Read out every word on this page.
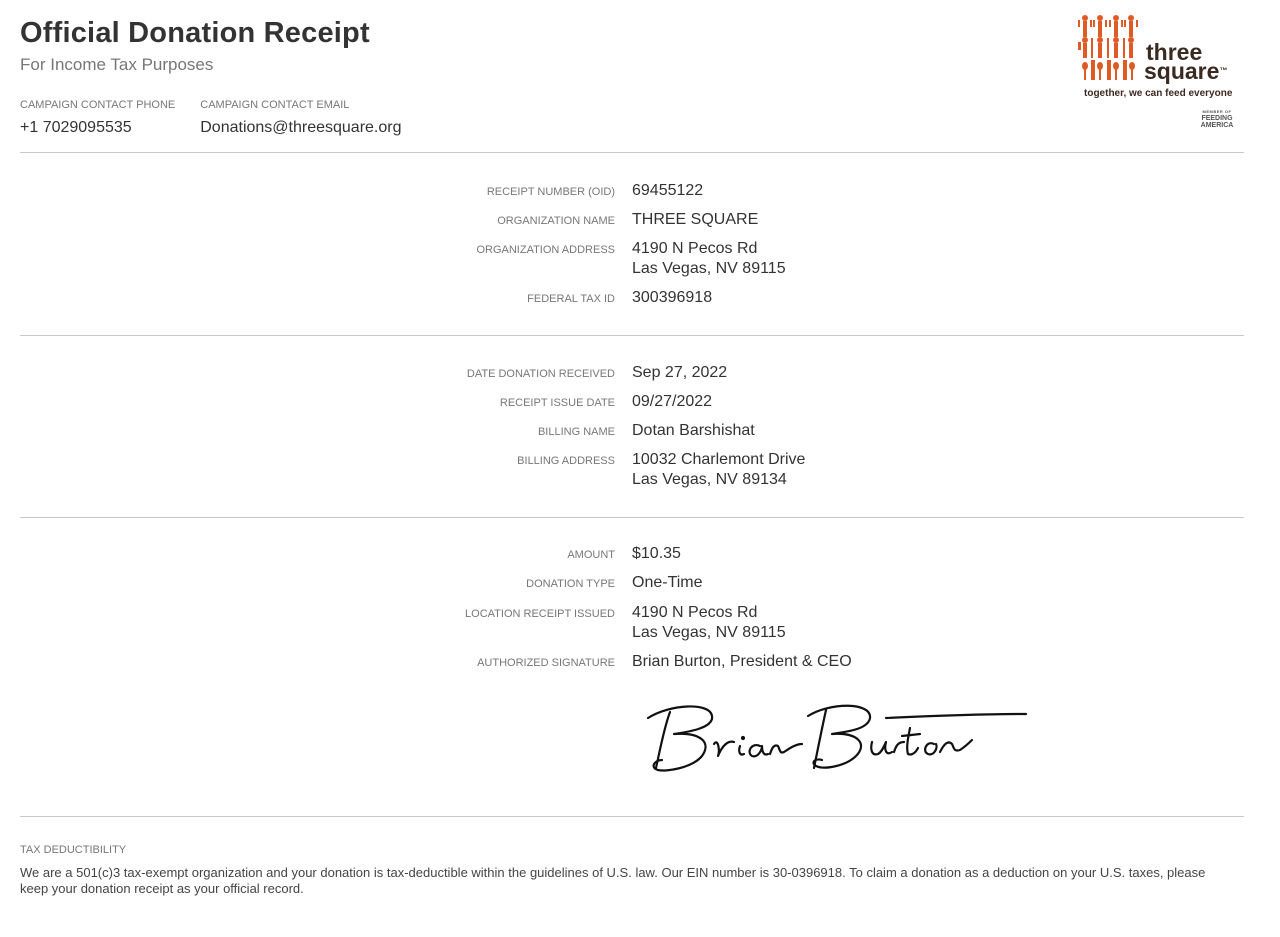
Official Donation Receipt
For Income Tax Purposes
CAMPAIGN CONTACT PHONE
+1 7029095535
CAMPAIGN CONTACT EMAIL
Donations@threesquare.org
three
square™
together, we can feed everyone
MEMBER OF
FEEDING
AMERICA
RECEIPT NUMBER (OID) 69455122
ORGANIZATION NAME THREE SQUARE
ORGANIZATION ADDRESS 4190 N Pecos Rd
Las Vegas, NV 89115
FEDERAL TAX ID 300396918
DATE DONATION RECEIVED Sep 27, 2022
RECEIPT ISSUE DATE 09/27/2022
BILLING NAME Dotan Barshishat
BILLING ADDRESS 10032 Charlemont Drive
Las Vegas, NV 89134
AMOUNT $10.35
DONATION TYPE One-Time
LOCATION RECEIPT ISSUED 4190 N Pecos Rd
Las Vegas, NV 89115
AUTHORIZED SIGNATURE Brian Burton, President & CEO
TAX DEDUCTIBILITY
We are a 501(c)3 tax-exempt organization and your donation is tax-deductible within the guidelines of U.S. law. Our EIN number is 30-0396918. To claim a donation as a deduction on your U.S. taxes, please keep your donation receipt as your official record.
